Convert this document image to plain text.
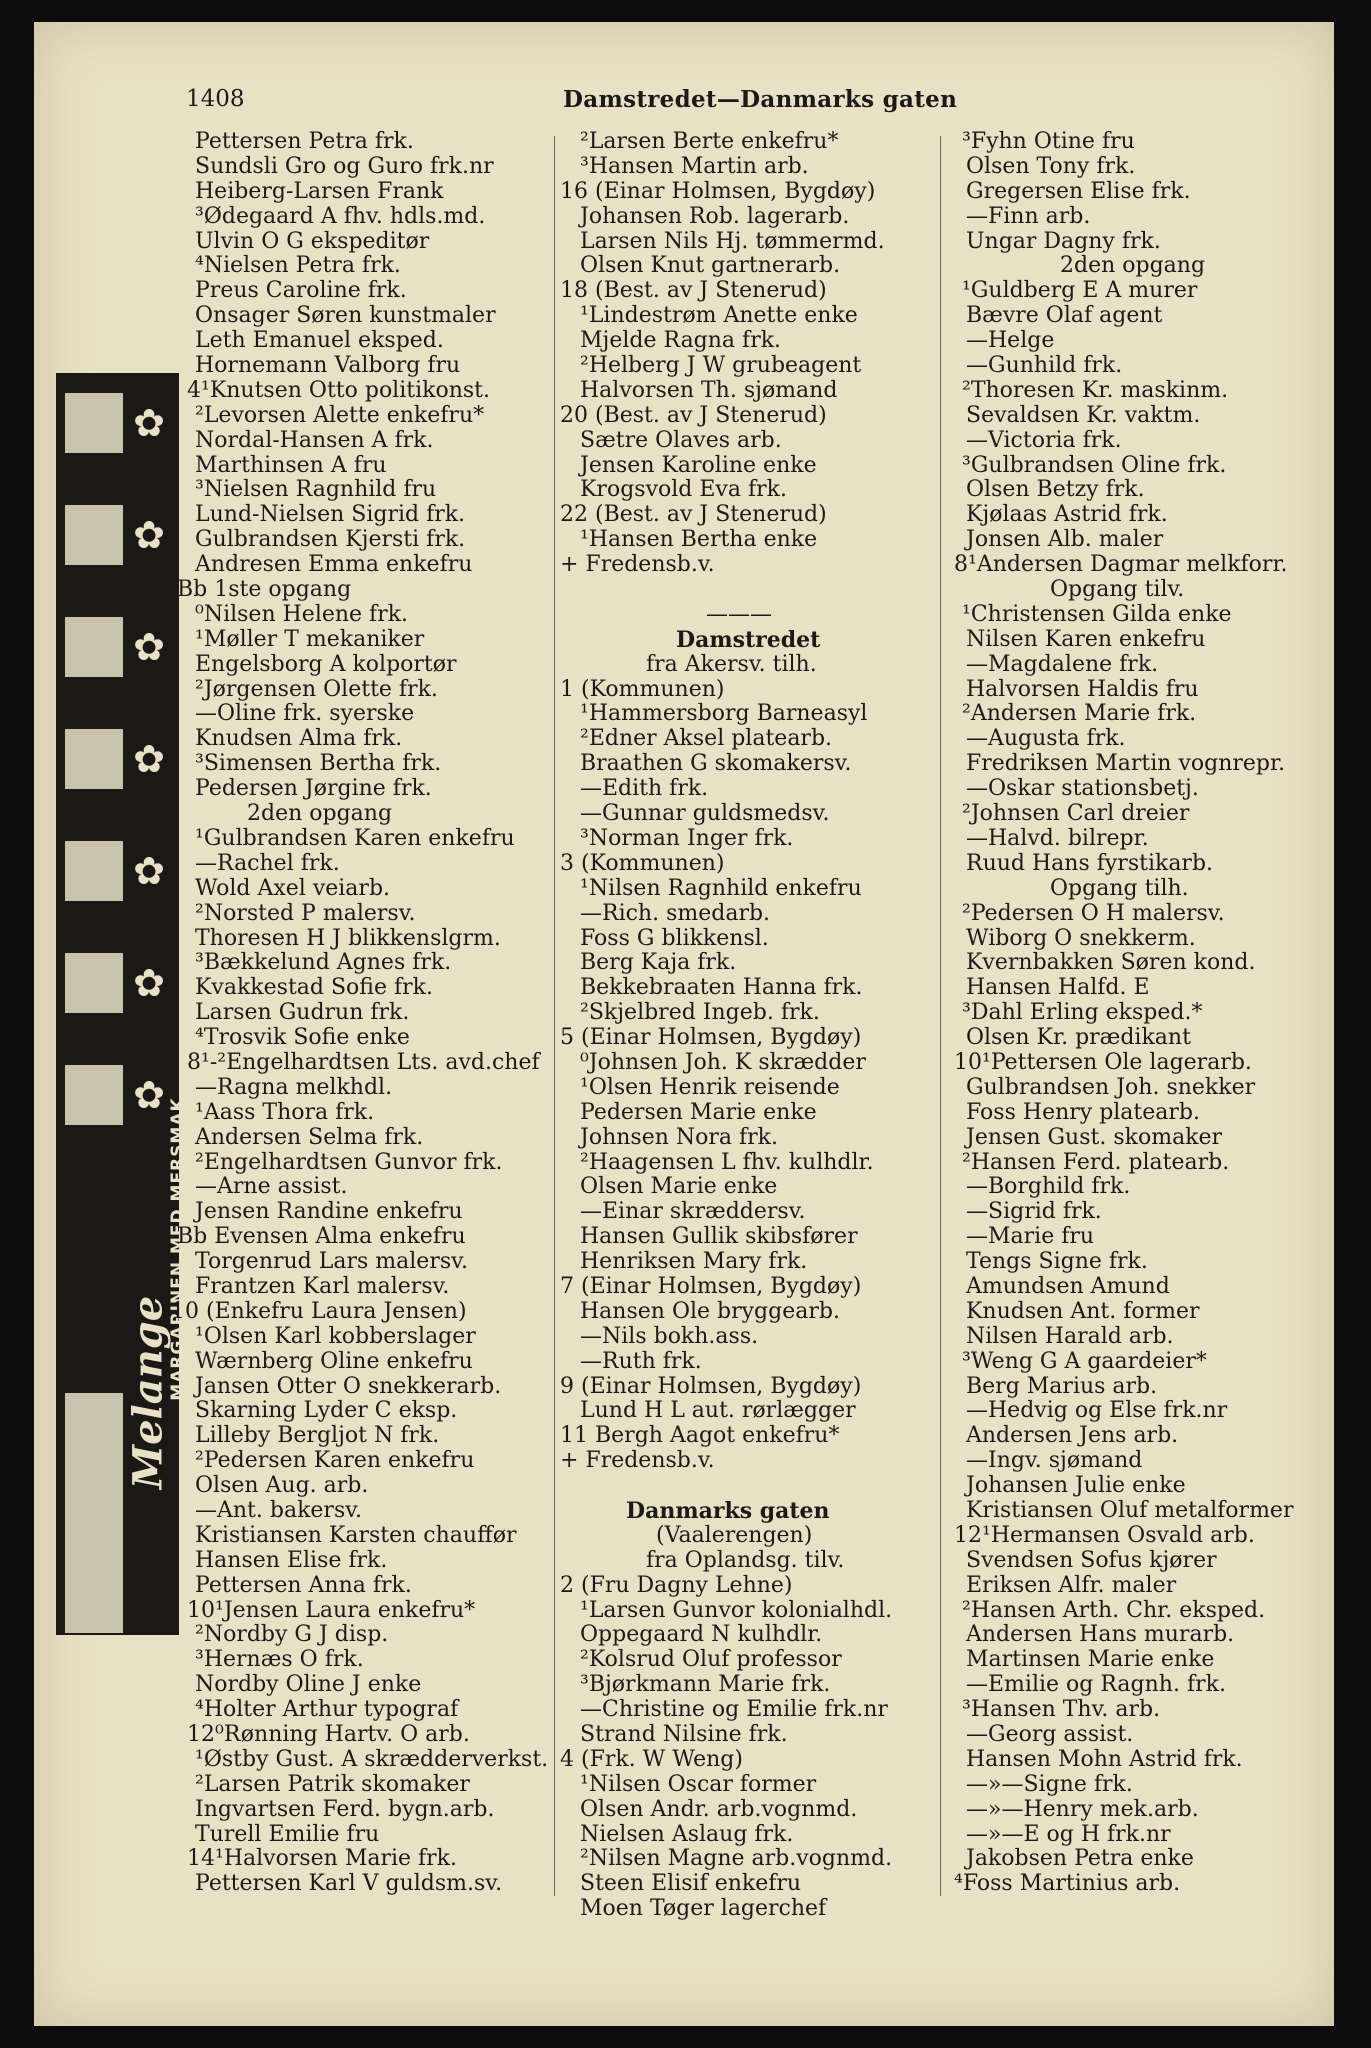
1408	Damstredet—Danmarks gaten
MARGARINEN MED MERSMAK
Melange
✿
✿
✿
✿
✿
✿
✿
Pettersen Petra frk.
Sundsli Gro og Guro frk.nr
Heiberg-Larsen Frank
³Ødegaard A fhv. hdls.md.
Ulvin O G ekspeditør
⁴Nielsen Petra frk.
Preus Caroline frk.
Onsager Søren kunstmaler
Leth Emanuel eksped.
Hornemann Valborg fru
4¹Knutsen Otto politikonst.
²Levorsen Alette enkefru*
Nordal-Hansen A frk.
Marthinsen A fru
³Nielsen Ragnhild fru
Lund-Nielsen Sigrid frk.
Gulbrandsen Kjersti frk.
Andresen Emma enkefru
Bb 1ste opgang
⁰Nilsen Helene frk.
¹Møller T mekaniker
Engelsborg A kolportør
²Jørgensen Olette frk.
—Oline frk. syerske
Knudsen Alma frk.
³Simensen Bertha frk.
Pedersen Jørgine frk.
2den opgang
¹Gulbrandsen Karen enkefru
—Rachel frk.
Wold Axel veiarb.
²Norsted P malersv.
Thoresen H J blikkenslgrm.
³Bækkelund Agnes frk.
Kvakkestad Sofie frk.
Larsen Gudrun frk.
⁴Trosvik Sofie enke
8¹‑²Engelhardtsen Lts. avd.chef
—Ragna melkhdl.
¹Aass Thora frk.
Andersen Selma frk.
²Engelhardtsen Gunvor frk.
—Arne assist.
Jensen Randine enkefru
Bb Evensen Alma enkefru
Torgenrud Lars malersv.
Frantzen Karl malersv.
10 (Enkefru Laura Jensen)
¹Olsen Karl kobberslager
Wærnberg Oline enkefru
Jansen Otter O snekkerarb.
Skarning Lyder C eksp.
Lilleby Bergljot N frk.
²Pedersen Karen enkefru
Olsen Aug. arb.
—Ant. bakersv.
Kristiansen Karsten chauffør
Hansen Elise frk.
Pettersen Anna frk.
10¹Jensen Laura enkefru*
²Nordby G J disp.
³Hernæs O frk.
Nordby Oline J enke
⁴Holter Arthur typograf
12⁰Rønning Hartv. O arb.
¹Østby Gust. A skrædderverkst.
²Larsen Patrik skomaker
Ingvartsen Ferd. bygn.arb.
Turell Emilie fru
14¹Halvorsen Marie frk.
Pettersen Karl V guldsm.sv.
²Larsen Berte enkefru*
³Hansen Martin arb.
16 (Einar Holmsen, Bygdøy)
Johansen Rob. lagerarb.
Larsen Nils Hj. tømmermd.
Olsen Knut gartnerarb.
18 (Best. av J Stenerud)
¹Lindestrøm Anette enke
Mjelde Ragna frk.
²Helberg J W grubeagent
Halvorsen Th. sjømand
20 (Best. av J Stenerud)
Sætre Olaves arb.
Jensen Karoline enke
Krogsvold Eva frk.
22 (Best. av J Stenerud)
¹Hansen Bertha enke
+ Fredensb.v.
———
Damstredet
fra Akersv. tilh.
1 (Kommunen)
¹Hammersborg Barneasyl
²Edner Aksel platearb.
Braathen G skomakersv.
—Edith frk.
—Gunnar guldsmedsv.
³Norman Inger frk.
3 (Kommunen)
¹Nilsen Ragnhild enkefru
—Rich. smedarb.
Foss G blikkensl.
Berg Kaja frk.
Bekkebraaten Hanna frk.
²Skjelbred Ingeb. frk.
5 (Einar Holmsen, Bygdøy)
⁰Johnsen Joh. K skrædder
¹Olsen Henrik reisende
Pedersen Marie enke
Johnsen Nora frk.
²Haagensen L fhv. kulhdlr.
Olsen Marie enke
—Einar skræddersv.
Hansen Gullik skibsfører
Henriksen Mary frk.
7 (Einar Holmsen, Bygdøy)
Hansen Ole bryggearb.
—Nils bokh.ass.
—Ruth frk.
9 (Einar Holmsen, Bygdøy)
Lund H L aut. rørlægger
11 Bergh Aagot enkefru*
+ Fredensb.v.
Danmarks gaten
(Vaalerengen)
fra Oplandsg. tilv.
2 (Fru Dagny Lehne)
¹Larsen Gunvor kolonialhdl.
Oppegaard N kulhdlr.
²Kolsrud Oluf professor
³Bjørkmann Marie frk.
—Christine og Emilie frk.nr
Strand Nilsine frk.
4 (Frk. W Weng)
¹Nilsen Oscar former
Olsen Andr. arb.vognmd.
Nielsen Aslaug frk.
²Nilsen Magne arb.vognmd.
Steen Elisif enkefru
Moen Tøger lagerchef
³Fyhn Otine fru
Olsen Tony frk.
Gregersen Elise frk.
—Finn arb.
Ungar Dagny frk.
2den opgang
¹Guldberg E A murer
Bævre Olaf agent
—Helge
—Gunhild frk.
²Thoresen Kr. maskinm.
Sevaldsen Kr. vaktm.
—Victoria frk.
³Gulbrandsen Oline frk.
Olsen Betzy frk.
Kjølaas Astrid frk.
Jonsen Alb. maler
8¹Andersen Dagmar melkforr.
Opgang tilv.
¹Christensen Gilda enke
Nilsen Karen enkefru
—Magdalene frk.
Halvorsen Haldis fru
²Andersen Marie frk.
—Augusta frk.
Fredriksen Martin vognrepr.
—Oskar stationsbetj.
²Johnsen Carl dreier
—Halvd. bilrepr.
Ruud Hans fyrstikarb.
Opgang tilh.
²Pedersen O H malersv.
Wiborg O snekkerm.
Kvernbakken Søren kond.
Hansen Halfd. E
³Dahl Erling eksped.*
Olsen Kr. prædikant
10¹Pettersen Ole lagerarb.
Gulbrandsen Joh. snekker
Foss Henry platearb.
Jensen Gust. skomaker
²Hansen Ferd. platearb.
—Borghild frk.
—Sigrid frk.
—Marie fru
Tengs Signe frk.
Amundsen Amund
Knudsen Ant. former
Nilsen Harald arb.
³Weng G A gaardeier*
Berg Marius arb.
—Hedvig og Else frk.nr
Andersen Jens arb.
—Ingv. sjømand
Johansen Julie enke
Kristiansen Oluf metalformer
12¹Hermansen Osvald arb.
Svendsen Sofus kjører
Eriksen Alfr. maler
²Hansen Arth. Chr. eksped.
Andersen Hans murarb.
Martinsen Marie enke
—Emilie og Ragnh. frk.
³Hansen Thv. arb.
—Georg assist.
Hansen Mohn Astrid frk.
—»—Signe frk.
—»—Henry mek.arb.
—»—E og H frk.nr
Jakobsen Petra enke
⁴Foss Martinius arb.
